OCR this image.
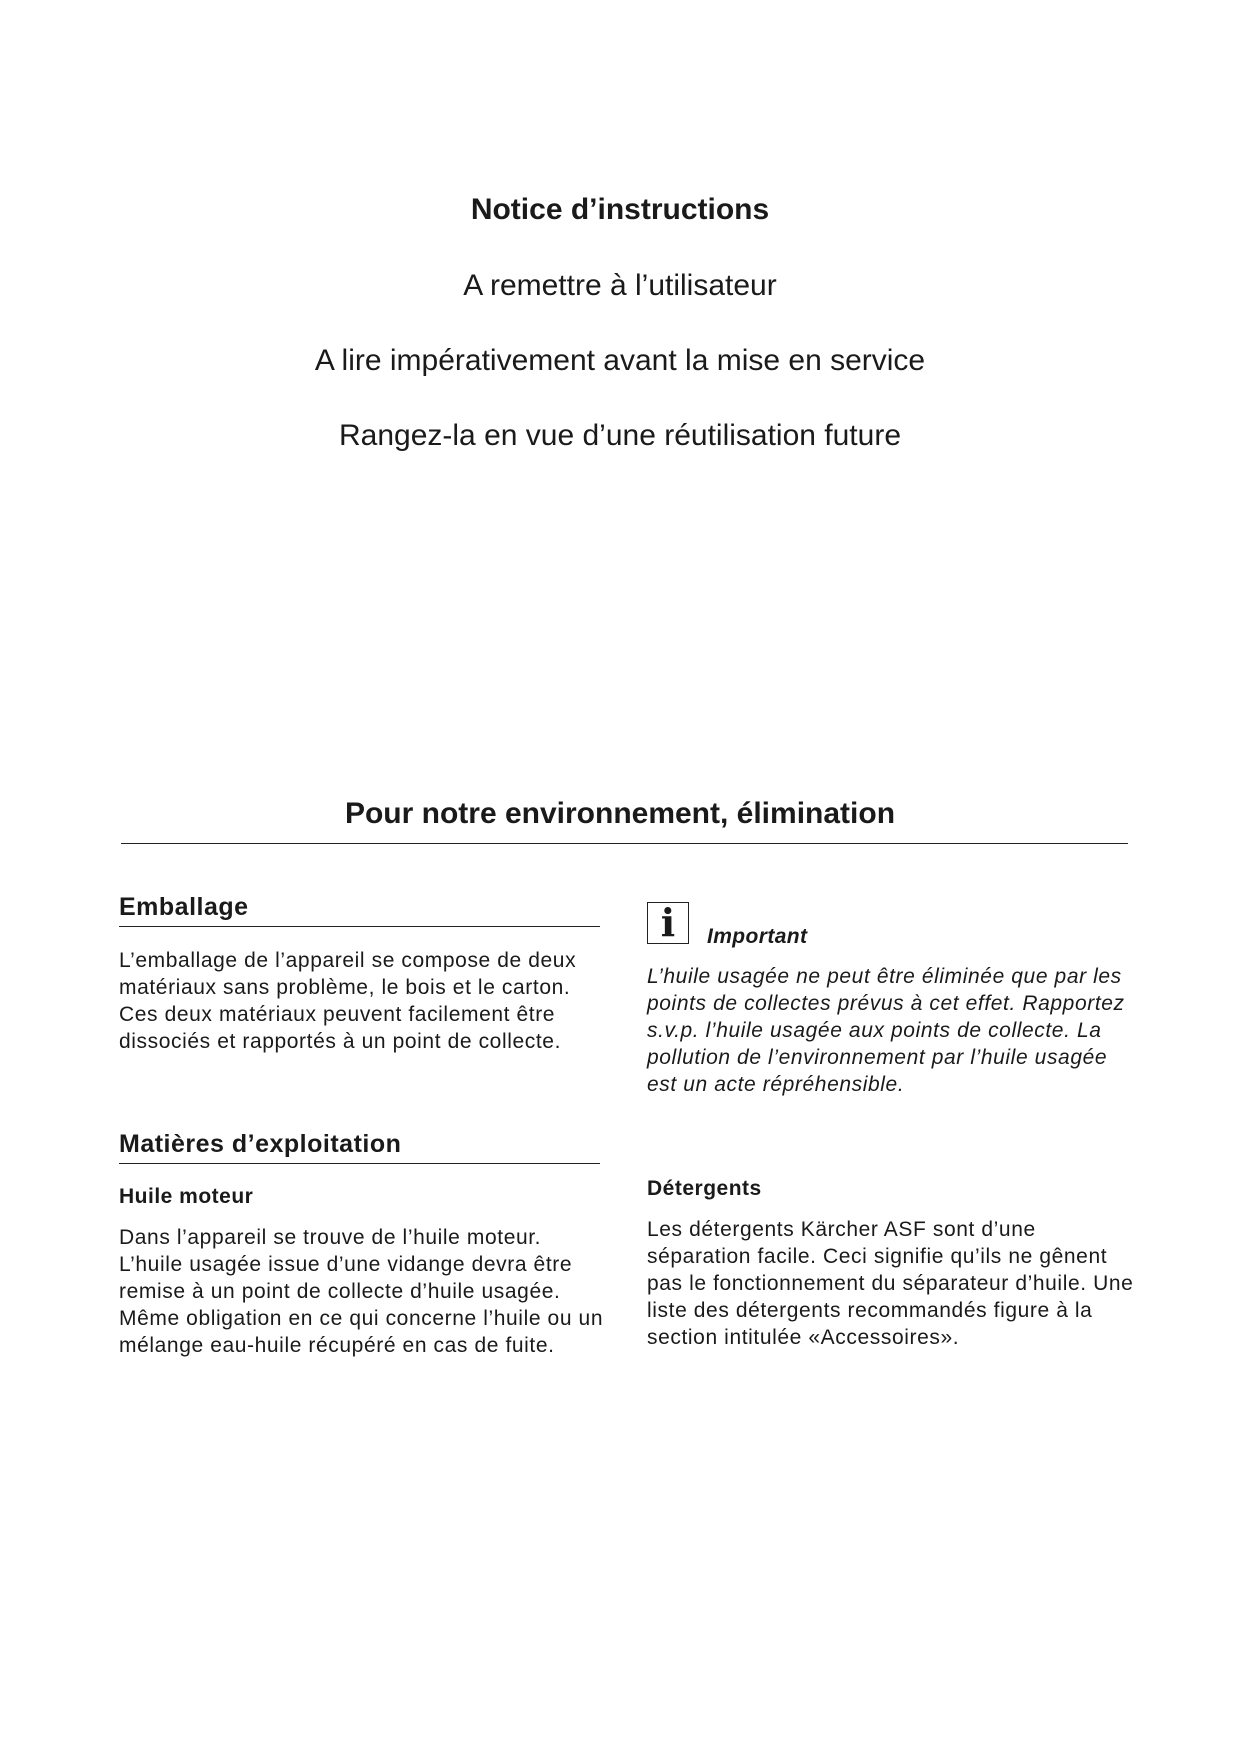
Notice d’instructions

A remettre à l’utilisateur

A lire impérativement avant la mise en service

Rangez-la en vue d’une réutilisation future

Pour notre environnement, élimination
Emballage

L’emballage de l’appareil se compose de deux matériaux sans problème, le bois et le carton. Ces deux matériaux peuvent facilement être dissociés et rapportés à un point de collecte.

Matières d’exploitation
Huile moteur

Dans l’appareil se trouve de l’huile moteur. L’huile usagée issue d’une vidange devra être remise à un point de collecte d’huile usagée. Même obligation en ce qui concerne l’huile ou un mélange eau-huile récupéré en cas de fuite.

i	Important

L’huile usagée ne peut être éliminée que par les points de collectes prévus à cet effet. Rapportez s.v.p. l’huile usagée aux points de collecte. La pollution de l’environnement par l’huile usagée est un acte répréhensible.

Détergents

Les détergents Kärcher ASF sont d’une séparation facile. Ceci signifie qu’ils ne gênent pas le fonctionnement du séparateur d’huile. Une liste des détergents recommandés figure à la section intitulée «Accessoires».
